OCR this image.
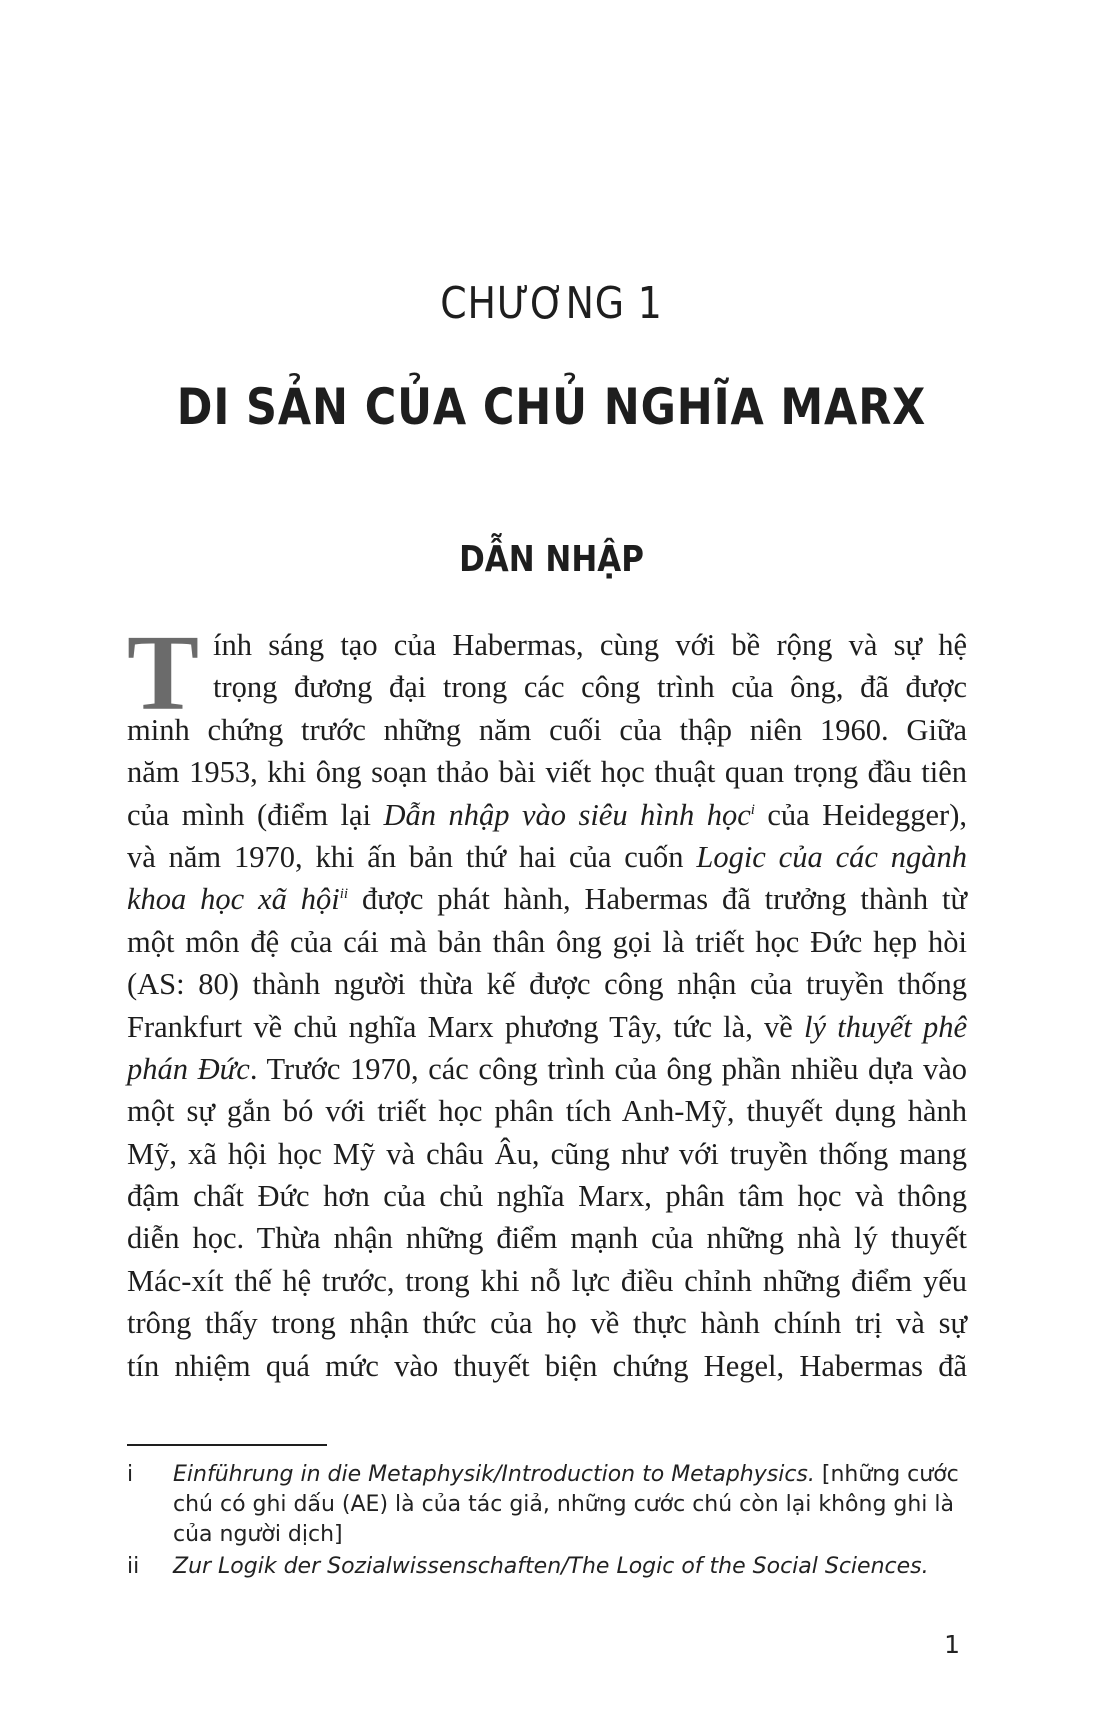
CHƯƠNG 1
DI SẢN CỦA CHỦ NGHĨA MARX
DẪN NHẬP
T ính sáng tạo của Habermas, cùng với bề rộng và sự hệ
trọng đương đại trong các công trình của ông, đã được
minh chứng trước những năm cuối của thập niên 1960. Giữa
năm 1953, khi ông soạn thảo bài viết học thuật quan trọng đầu tiên
của mình (điểm lại Dẫn nhập vào siêu hình học$^i$ của Heidegger),
và năm 1970, khi ấn bản thứ hai của cuốn Logic của các ngành
khoa học xã hội$^{ii}$ được phát hành, Habermas đã trưởng thành từ
một môn đệ của cái mà bản thân ông gọi là triết học Đức hẹp hòi
(AS: 80) thành người thừa kế được công nhận của truyền thống
Frankfurt về chủ nghĩa Marx phương Tây, tức là, về lý thuyết phê
phán Đức. Trước 1970, các công trình của ông phần nhiều dựa vào
một sự gắn bó với triết học phân tích Anh-Mỹ, thuyết dụng hành
Mỹ, xã hội học Mỹ và châu Âu, cũng như với truyền thống mang
đậm chất Đức hơn của chủ nghĩa Marx, phân tâm học và thông
diễn học. Thừa nhận những điểm mạnh của những nhà lý thuyết
Mác-xít thế hệ trước, trong khi nỗ lực điều chỉnh những điểm yếu
trông thấy trong nhận thức của họ về thực hành chính trị và sự
tín nhiệm quá mức vào thuyết biện chứng Hegel, Habermas đã
i Einführung in die Metaphysik/Introduction to Metaphysics. [những cước chú có ghi dấu (AE) là của tác giả, những cước chú còn lại không ghi là của người dịch]
ii Zur Logik der Sozialwissenschaften/The Logic of the Social Sciences.
1
